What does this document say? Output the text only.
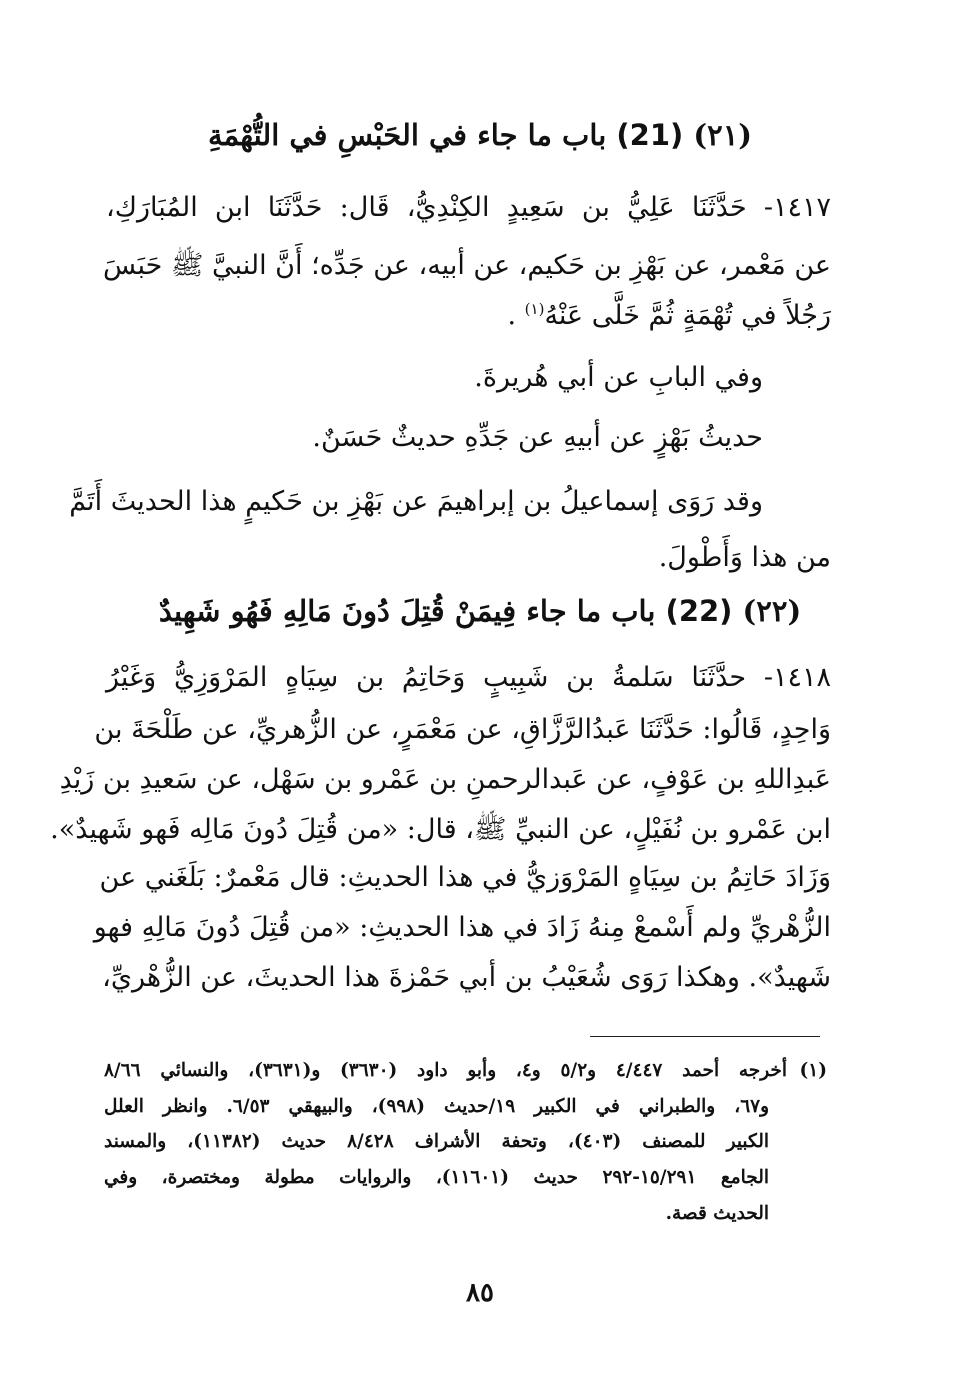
(٢١) (21) باب ما جاء في الحَبْسِ في التُّهْمَةِ
١٤١٧- حَدَّثَنَا عَلِيُّ بن سَعِيدٍ الكِنْدِيُّ، قَال: حَدَّثَنَا ابن المُبَارَكِ،
عن مَعْمر، عن بَهْزِ بن حَكيم، عن أبيه، عن جَدِّه؛ أَنَّ النبيَّ ﷺ حَبَسَ
رَجُلاً في تُهْمَةٍ ثُمَّ خَلَّى عَنْهُ$^{(١)}$ .
وفي البابِ عن أبي هُريرةَ.
حديثُ بَهْزٍ عن أبيهِ عن جَدِّهِ حديثٌ حَسَنٌ.
وقد رَوَى إسماعيلُ بن إبراهيمَ عن بَهْزِ بن حَكيمٍ هذا الحديثَ أَتَمَّ
من هذا وَأَطْولَ.
(٢٢) (22) باب ما جاء فِيمَنْ قُتِلَ دُونَ مَالِهِ فَهُو شَهِيدٌ
١٤١٨- حدَّثَنَا سَلمةُ بن شَبِيبٍ وَحَاتِمُ بن سِيَاهٍ المَرْوَزِيُّ وَغَيْرُ
وَاحِدٍ، قَالُوا: حَدَّثَنَا عَبدُالرَّزَّاقِ، عن مَعْمَرٍ، عن الزُّهريِّ، عن طَلْحَةَ بن
عَبدِاللهِ بن عَوْفٍ، عن عَبدالرحمنِ بن عَمْرو بن سَهْل، عن سَعيدِ بن زَيْدِ
ابن عَمْرو بن نُفَيْلٍ، عن النبيِّ ﷺ، قال: «من قُتِلَ دُونَ مَالِه فَهو شَهيدٌ».
وَزَادَ حَاتِمُ بن سِيَاهٍ المَرْوَزيُّ في هذا الحديثِ: قال مَعْمرٌ: بَلَغَني عن
الزُّهْريِّ ولم أَسْمعْ مِنهُ زَادَ في هذا الحديثِ: «من قُتِلَ دُونَ مَالِهِ فهو
شَهيدٌ». وهكذا رَوَى شُعَيْبُ بن أبي حَمْزةَ هذا الحديثَ، عن الزُّهْريِّ،
(١)
أخرجه أحمد ٤/٤٤٧ و٥/٢ و٤، وأبو داود (٣٦٣٠) و(٣٦٣١)، والنسائي ٨/٦٦
و٦٧، والطبراني في الكبير ١٩/حديث (٩٩٨)، والبيهقي ٦/٥٣. وانظر العلل
الكبير للمصنف (٤٠٣)، وتحفة الأشراف ٨/٤٢٨ حديث (١١٣٨٢)، والمسند
الجامع ١٥/٢٩١-٢٩٢ حديث (١١٦٠١)، والروايات مطولة ومختصرة، وفي
الحديث قصة.
٨٥
